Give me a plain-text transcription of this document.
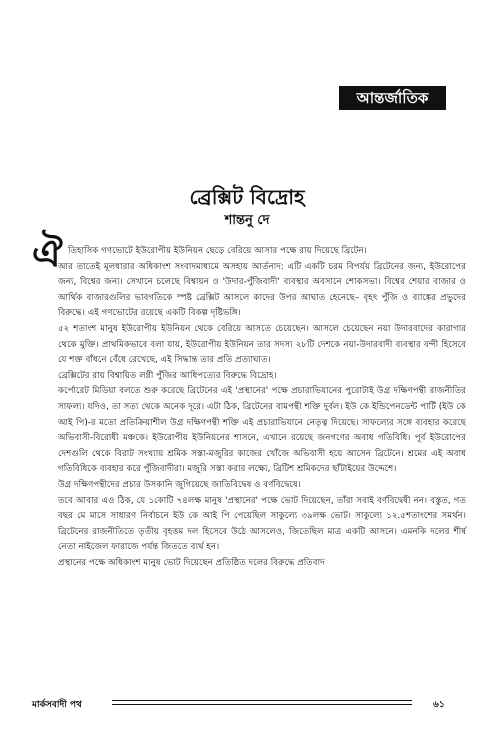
আন্তর্জাতিক
ব্রেক্সিট বিদ্রোহ
শান্তনু দে
ঐ তিহাসিক গণভোটে ইউরোপীয় ইউনিয়ন ছেড়ে বেরিয়ে আসার পক্ষে রায় দিয়েছে ব্রিটেন।

আর তাতেই মূলধারার অধিকাংশ সংবাদমাধ্যমে অসহায় আর্তনাদ: এটি একটি চরম বিপর্যয় ব্রিটেনের জন্য, ইউরোপের জন্য, বিশ্বের জন্য। সেখানে চলেছে বিশ্বায়ন ও 'উদার-পুঁজিবাদী' ব্যবস্থার অবসানে শোকসভা। বিশ্বের শেয়ার বাজার ও আর্থিক বাজারগুলির ভাবগতিকে স্পষ্ট ব্রেক্সিট আসলে কাদের উপর আঘাত হেনেছে– বৃহৎ পুঁজি ও ব্যাঙ্কের প্রভুদের বিরুদ্ধে। এই গণভোটের রয়েছে একটি বিকল্প দৃষ্টিভঙ্গি।

৫২ শতাংশ মানুষ ইউরোপীয় ইউনিয়ন থেকে বেরিয়ে আসতে চেয়েছেন। আসলে চেয়েছেন নয়া উদারবাদের কারাগার থেকে মুক্তি। প্রাথমিকভাবে বলা যায়, ইউরোপীয় ইউনিয়ন তার সদস্য ২৮টি দেশকে নয়া-উদারবাদী ব্যবস্থার বন্দী হিসেবে যে শক্ত বাঁধনে বেঁধে রেখেছে, এই সিদ্ধান্ত তার প্রতি প্রত্যাঘাত।

ব্রেক্সিটের রায় বিশ্বায়িত লগ্নী পুঁজির আধিপত্যের বিরুদ্ধে বিদ্রোহ।

কর্পোরেট মিডিয়া বলতে শুরু করেছে ব্রিটেনের এই 'প্রস্থানের' পক্ষে প্রচারাভিযানের পুরোটাই উগ্র দক্ষিণপন্থী রাজনীতির সাফল্য। যদিও, তা সত্য থেকে অনেক দূরে। এটা ঠিক, ব্রিটেনের বামপন্থী শক্তি দুর্বল। ইউ কে ইন্ডিপেনডেন্ট পার্টি (ইউ কে আই পি)-র মতো প্রতিক্রিয়াশীল উগ্র দক্ষিণপন্থী শক্তি এই প্রচারাভিযানে নেতৃত্ব দিয়েছে। সাফল্যের সঙ্গে ব্যবহার করেছে অভিবাসী-বিরোধী মঞ্চকে। ইউরোপীয় ইউনিয়নের শাসনে, এখানে রয়েছে জনগণের অবাধ গতিবিধি। পূর্ব ইউরোপের দেশগুলি থেকে বিরাট সংখ্যায় শ্রমিক সস্তা-মজুরির কাজের খোঁজে অভিবাসী হয়ে আসেন ব্রিটেনে। শ্রমের এই অবাধ গতিবিধিকে ব্যবহার করে পুঁজিবাদীরা। মজুরি সস্তা করার লক্ষ্যে, ব্রিটিশ শ্রমিকদের ছাঁটাইয়ের উদ্দেশে।

উগ্র দক্ষিণপন্থীদের প্রচার উসকানি জুগিয়েছে জাতিবিদ্বেষ ও বর্ণবিদ্বেষে।

তবে আবার এও ঠিক, যে ১কোটি ৭৪লক্ষ মানুষ 'প্রস্থানের' পক্ষে ভোট দিয়েছেন, তাঁরা সবাই বর্ণবিদ্বেষী নন। বস্তুত, গত বছর মে মাসে সাধারণ নির্বাচনে ইউ কে আই পি পেয়েছিল সাকুল্যে ৩৯লক্ষ ভোট। সাকুল্যে ১২.৫শতাংশের সমর্থন। ব্রিটেনের রাজনীতিতে তৃতীয় বৃহত্তম দল হিসেবে উঠে আসলেও, জিতেছিল মাত্র একটি আসনে। এমনকি দলের শীর্ষ নেতা নাইজেল ফারাজে পর্যন্ত জিততে ব্যর্থ হন।

প্রস্থানের পক্ষে অধিকাংশ মানুষ ভোট দিয়েছেন প্রতিষ্ঠিত দলের বিরুদ্ধে প্রতিবাদ

মার্কসবাদী পথ	৬১
